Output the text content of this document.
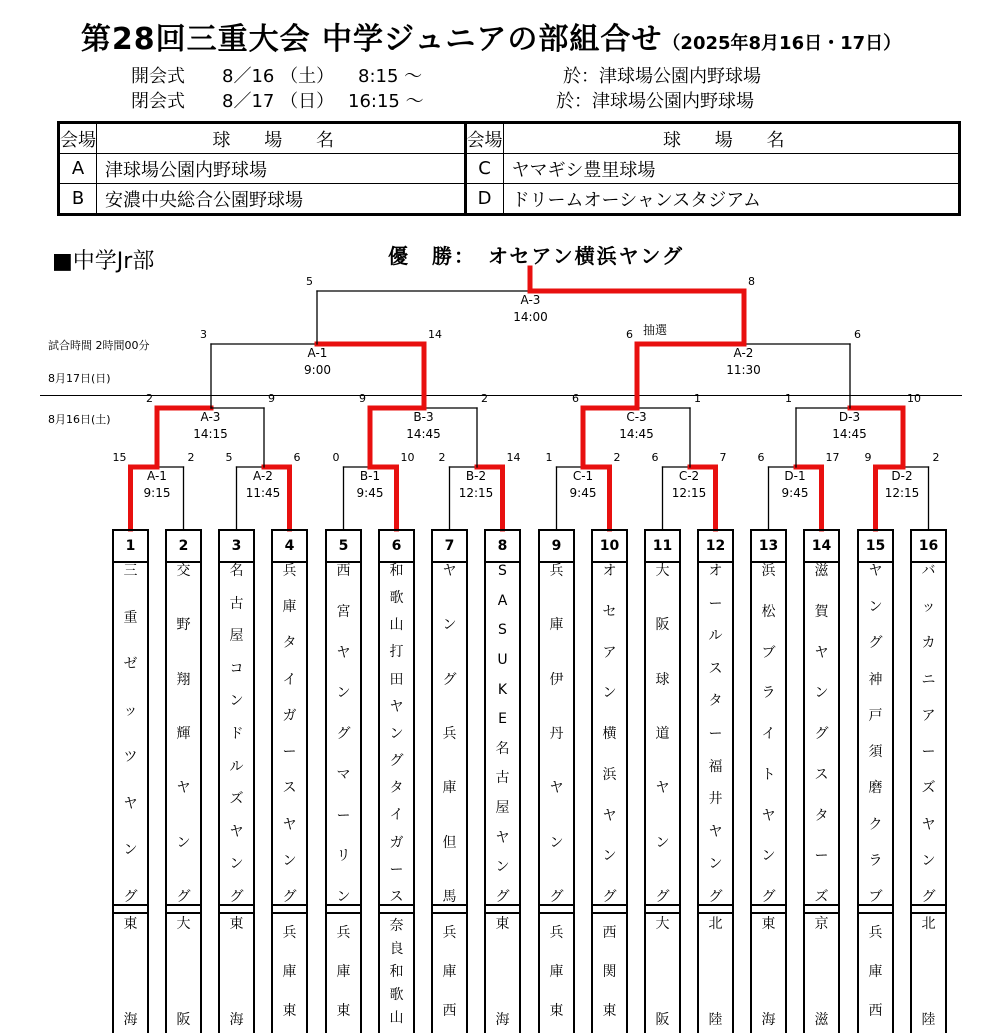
第28回三重大会 中学ジュニアの部組合せ（2025年8月16日・17日）
開会式 8／16 （土） 8:15 ～	於：津球場公園内野球場
閉会式 8／17 （日） 16:15 ～	於：津球場公園内野球場
会場	球 場 名	会場	球 場 名
A	津球場公園内野球場	C	ヤマギシ豊里球場
B	安濃中央総合公園野球場	D	ドリームオーシャンスタジアム
■中学Jr部	優　勝：　オセアン横浜ヤング
試合時間 2時間00分
8月17日(日)
8月16日(土)
15	2
A-1
9:15
5	6
A-2
11:45
0	10
B-1
9:45
2	14
B-2
12:15
1	2
C-1
9:45
6	7
C-2
12:15
6	17
D-1
9:45
9	2
D-2
12:15
2	9
A-3
14:15
9	2
B-3
14:45
6	1
C-3
14:45
1	10
D-3
14:45
3	14
A-1
9:00
6	6
A-2
11:30
5	8
A-3
14:00
抽選
1
三
重
ゼ
ッ
ツ
ヤ
ン
グ
東
海
2
交
野
翔
輝
ヤ
ン
グ
大
阪
3
名
古
屋
コ
ン
ド
ル
ズ
ヤ
ン
グ
東
海
4
兵
庫
タ
イ
ガ
ー
ス
ヤ
ン
グ
兵
庫
東
5
西
宮
ヤ
ン
グ
マ
ー
リ
ン
兵
庫
東
6
和
歌
山
打
田
ヤ
ン
グ
タ
イ
ガ
ー
ス
奈
良
和
歌
山
7
ヤ
ン
グ
兵
庫
但
馬
兵
庫
西
8
S
A
S
U
K
E
名
古
屋
ヤ
ン
グ
東
海
9
兵
庫
伊
丹
ヤ
ン
グ
兵
庫
東
10
オ
セ
ア
ン
横
浜
ヤ
ン
グ
西
関
東
11
大
阪
球
道
ヤ
ン
グ
大
阪
12
オ
ー
ル
ス
タ
ー
福
井
ヤ
ン
グ
北
陸
13
浜
松
ブ
ラ
イ
ト
ヤ
ン
グ
東
海
14
滋
賀
ヤ
ン
グ
ス
タ
ー
ズ
京
滋
15
ヤ
ン
グ
神
戸
須
磨
ク
ラ
ブ
兵
庫
西
16
バ
ッ
カ
ニ
ア
ー
ズ
ヤ
ン
グ
北
陸
